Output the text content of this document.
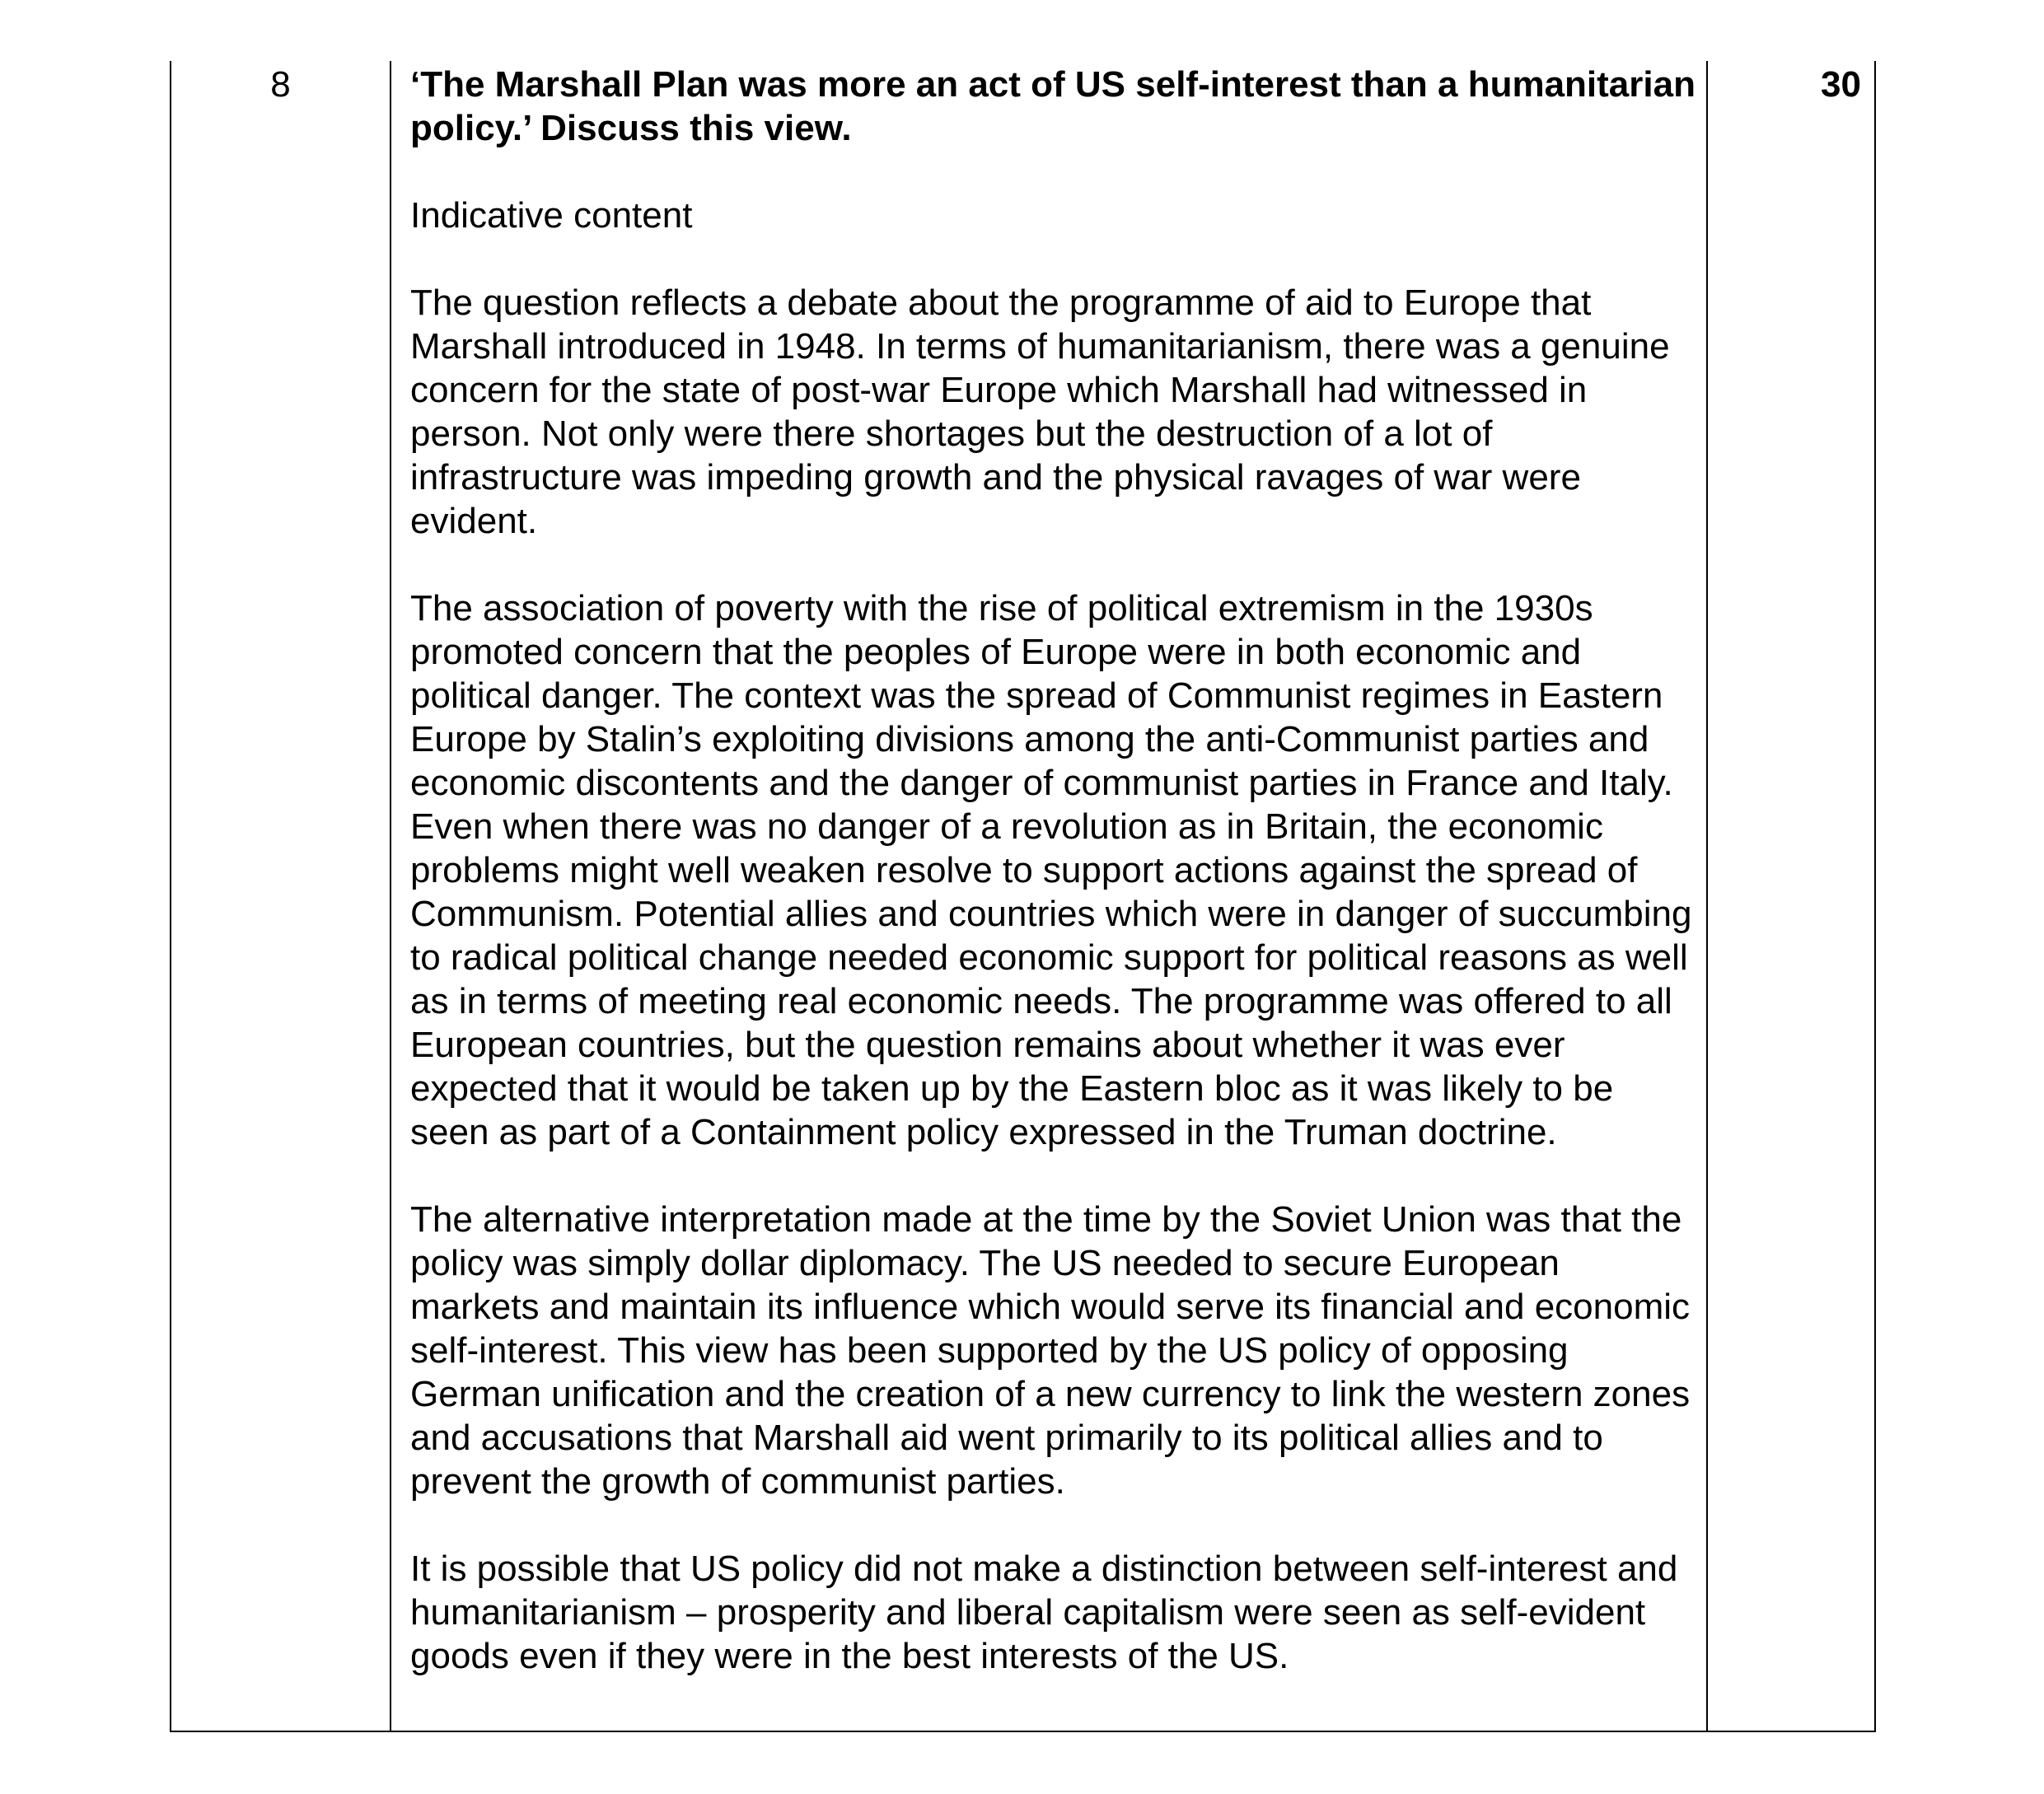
8	‘The Marshall Plan was more an act of US self-interest than a humanitarian policy.’ Discuss this view.

Indicative content

The question reflects a debate about the programme of aid to Europe that Marshall introduced in 1948. In terms of humanitarianism, there was a genuine concern for the state of post-war Europe which Marshall had witnessed in person. Not only were there shortages but the destruction of a lot of infrastructure was impeding growth and the physical ravages of war were evident.

The association of poverty with the rise of political extremism in the 1930s promoted concern that the peoples of Europe were in both economic and political danger. The context was the spread of Communist regimes in Eastern Europe by Stalin’s exploiting divisions among the anti-Communist parties and economic discontents and the danger of communist parties in France and Italy. Even when there was no danger of a revolution as in Britain, the economic problems might well weaken resolve to support actions against the spread of Communism. Potential allies and countries which were in danger of succumbing to radical political change needed economic support for political reasons as well as in terms of meeting real economic needs. The programme was offered to all European countries, but the question remains about whether it was ever expected that it would be taken up by the Eastern bloc as it was likely to be seen as part of a Containment policy expressed in the Truman doctrine.

The alternative interpretation made at the time by the Soviet Union was that the policy was simply dollar diplomacy. The US needed to secure European markets and maintain its influence which would serve its financial and economic self-interest. This view has been supported by the US policy of opposing German unification and the creation of a new currency to link the western zones and accusations that Marshall aid went primarily to its political allies and to prevent the growth of communist parties.

It is possible that US policy did not make a distinction between self-interest and humanitarianism – prosperity and liberal capitalism were seen as self-evident goods even if they were in the best interests of the US.

30
